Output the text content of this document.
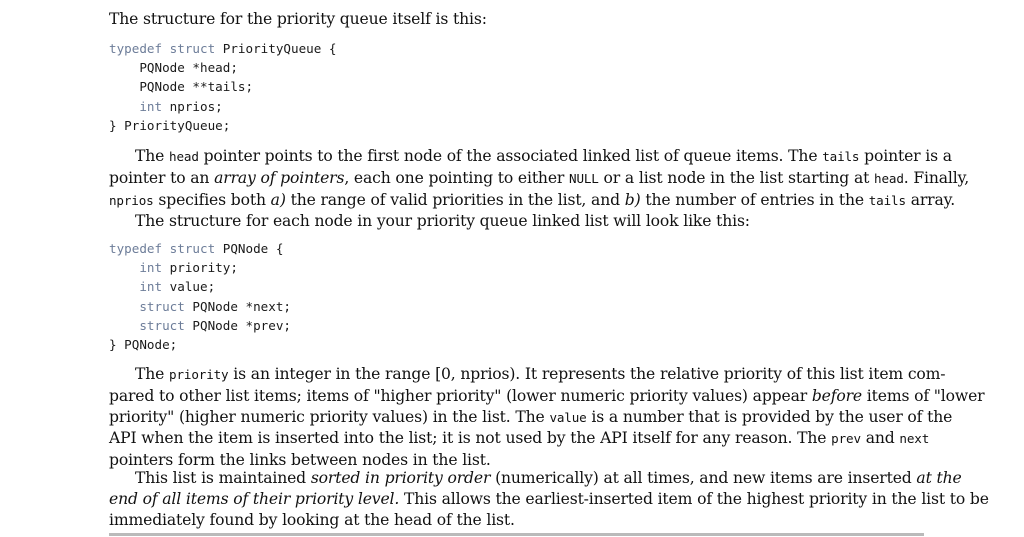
The structure for the priority queue itself is this:

typedef struct PriorityQueue {
PQNode *head;
PQNode **tails;
int nprios;
} PriorityQueue;

The head pointer points to the first node of the associated linked list of queue items. The tails pointer is a
pointer to an array of pointers, each one pointing to either NULL or a list node in the list starting at head. Finally,
nprios specifies both a) the range of valid priorities in the list, and b) the number of entries in the tails array.
The structure for each node in your priority queue linked list will look like this:

typedef struct PQNode {
int priority;
int value;
struct PQNode *next;
struct PQNode *prev;
} PQNode;

The priority is an integer in the range [0, nprios). It represents the relative priority of this list item com-
pared to other list items; items of "higher priority" (lower numeric priority values) appear before items of "lower
priority" (higher numeric priority values) in the list. The value is a number that is provided by the user of the
API when the item is inserted into the list; it is not used by the API itself for any reason. The prev and next
pointers form the links between nodes in the list.

This list is maintained sorted in priority order (numerically) at all times, and new items are inserted at the
end of all items of their priority level. This allows the earliest-inserted item of the highest priority in the list to be
immediately found by looking at the head of the list.
